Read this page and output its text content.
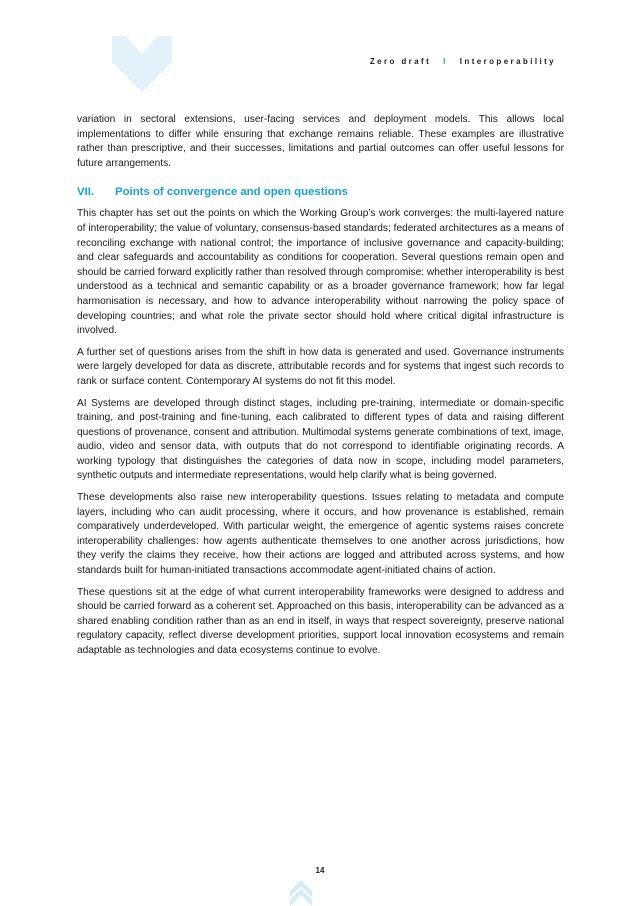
Zero draft I Interoperability

variation in sectoral extensions, user-facing services and deployment models. This allows local implementations to differ while ensuring that exchange remains reliable. These examples are illustrative rather than prescriptive, and their successes, limitations and partial outcomes can offer useful lessons for future arrangements.

VII.	Points of convergence and open questions

This chapter has set out the points on which the Working Group’s work converges: the multi-layered nature of interoperability; the value of voluntary, consensus-based standards; federated architectures as a means of reconciling exchange with national control; the importance of inclusive governance and capacity-building; and clear safeguards and accountability as conditions for cooperation. Several questions remain open and should be carried forward explicitly rather than resolved through compromise: whether interoperability is best understood as a technical and semantic capability or as a broader governance framework; how far legal harmonisation is necessary, and how to advance interoperability without narrowing the policy space of developing countries; and what role the private sector should hold where critical digital infrastructure is involved.

A further set of questions arises from the shift in how data is generated and used. Governance instruments were largely developed for data as discrete, attributable records and for systems that ingest such records to rank or surface content. Contemporary AI systems do not fit this model.

AI Systems are developed through distinct stages, including pre-training, intermediate or domain-specific training, and post-training and fine-tuning, each calibrated to different types of data and raising different questions of provenance, consent and attribution. Multimodal systems generate combinations of text, image, audio, video and sensor data, with outputs that do not correspond to identifiable originating records. A working typology that distinguishes the categories of data now in scope, including model parameters, synthetic outputs and intermediate representations, would help clarify what is being governed.

These developments also raise new interoperability questions. Issues relating to metadata and compute layers, including who can audit processing, where it occurs, and how provenance is established, remain comparatively underdeveloped. With particular weight, the emergence of agentic systems raises concrete interoperability challenges: how agents authenticate themselves to one another across jurisdictions, how they verify the claims they receive, how their actions are logged and attributed across systems, and how standards built for human-initiated transactions accommodate agent-initiated chains of action.

These questions sit at the edge of what current interoperability frameworks were designed to address and should be carried forward as a coherent set. Approached on this basis, interoperability can be advanced as a shared enabling condition rather than as an end in itself, in ways that respect sovereignty, preserve national regulatory capacity, reflect diverse development priorities, support local innovation ecosystems and remain adaptable as technologies and data ecosystems continue to evolve.

14
